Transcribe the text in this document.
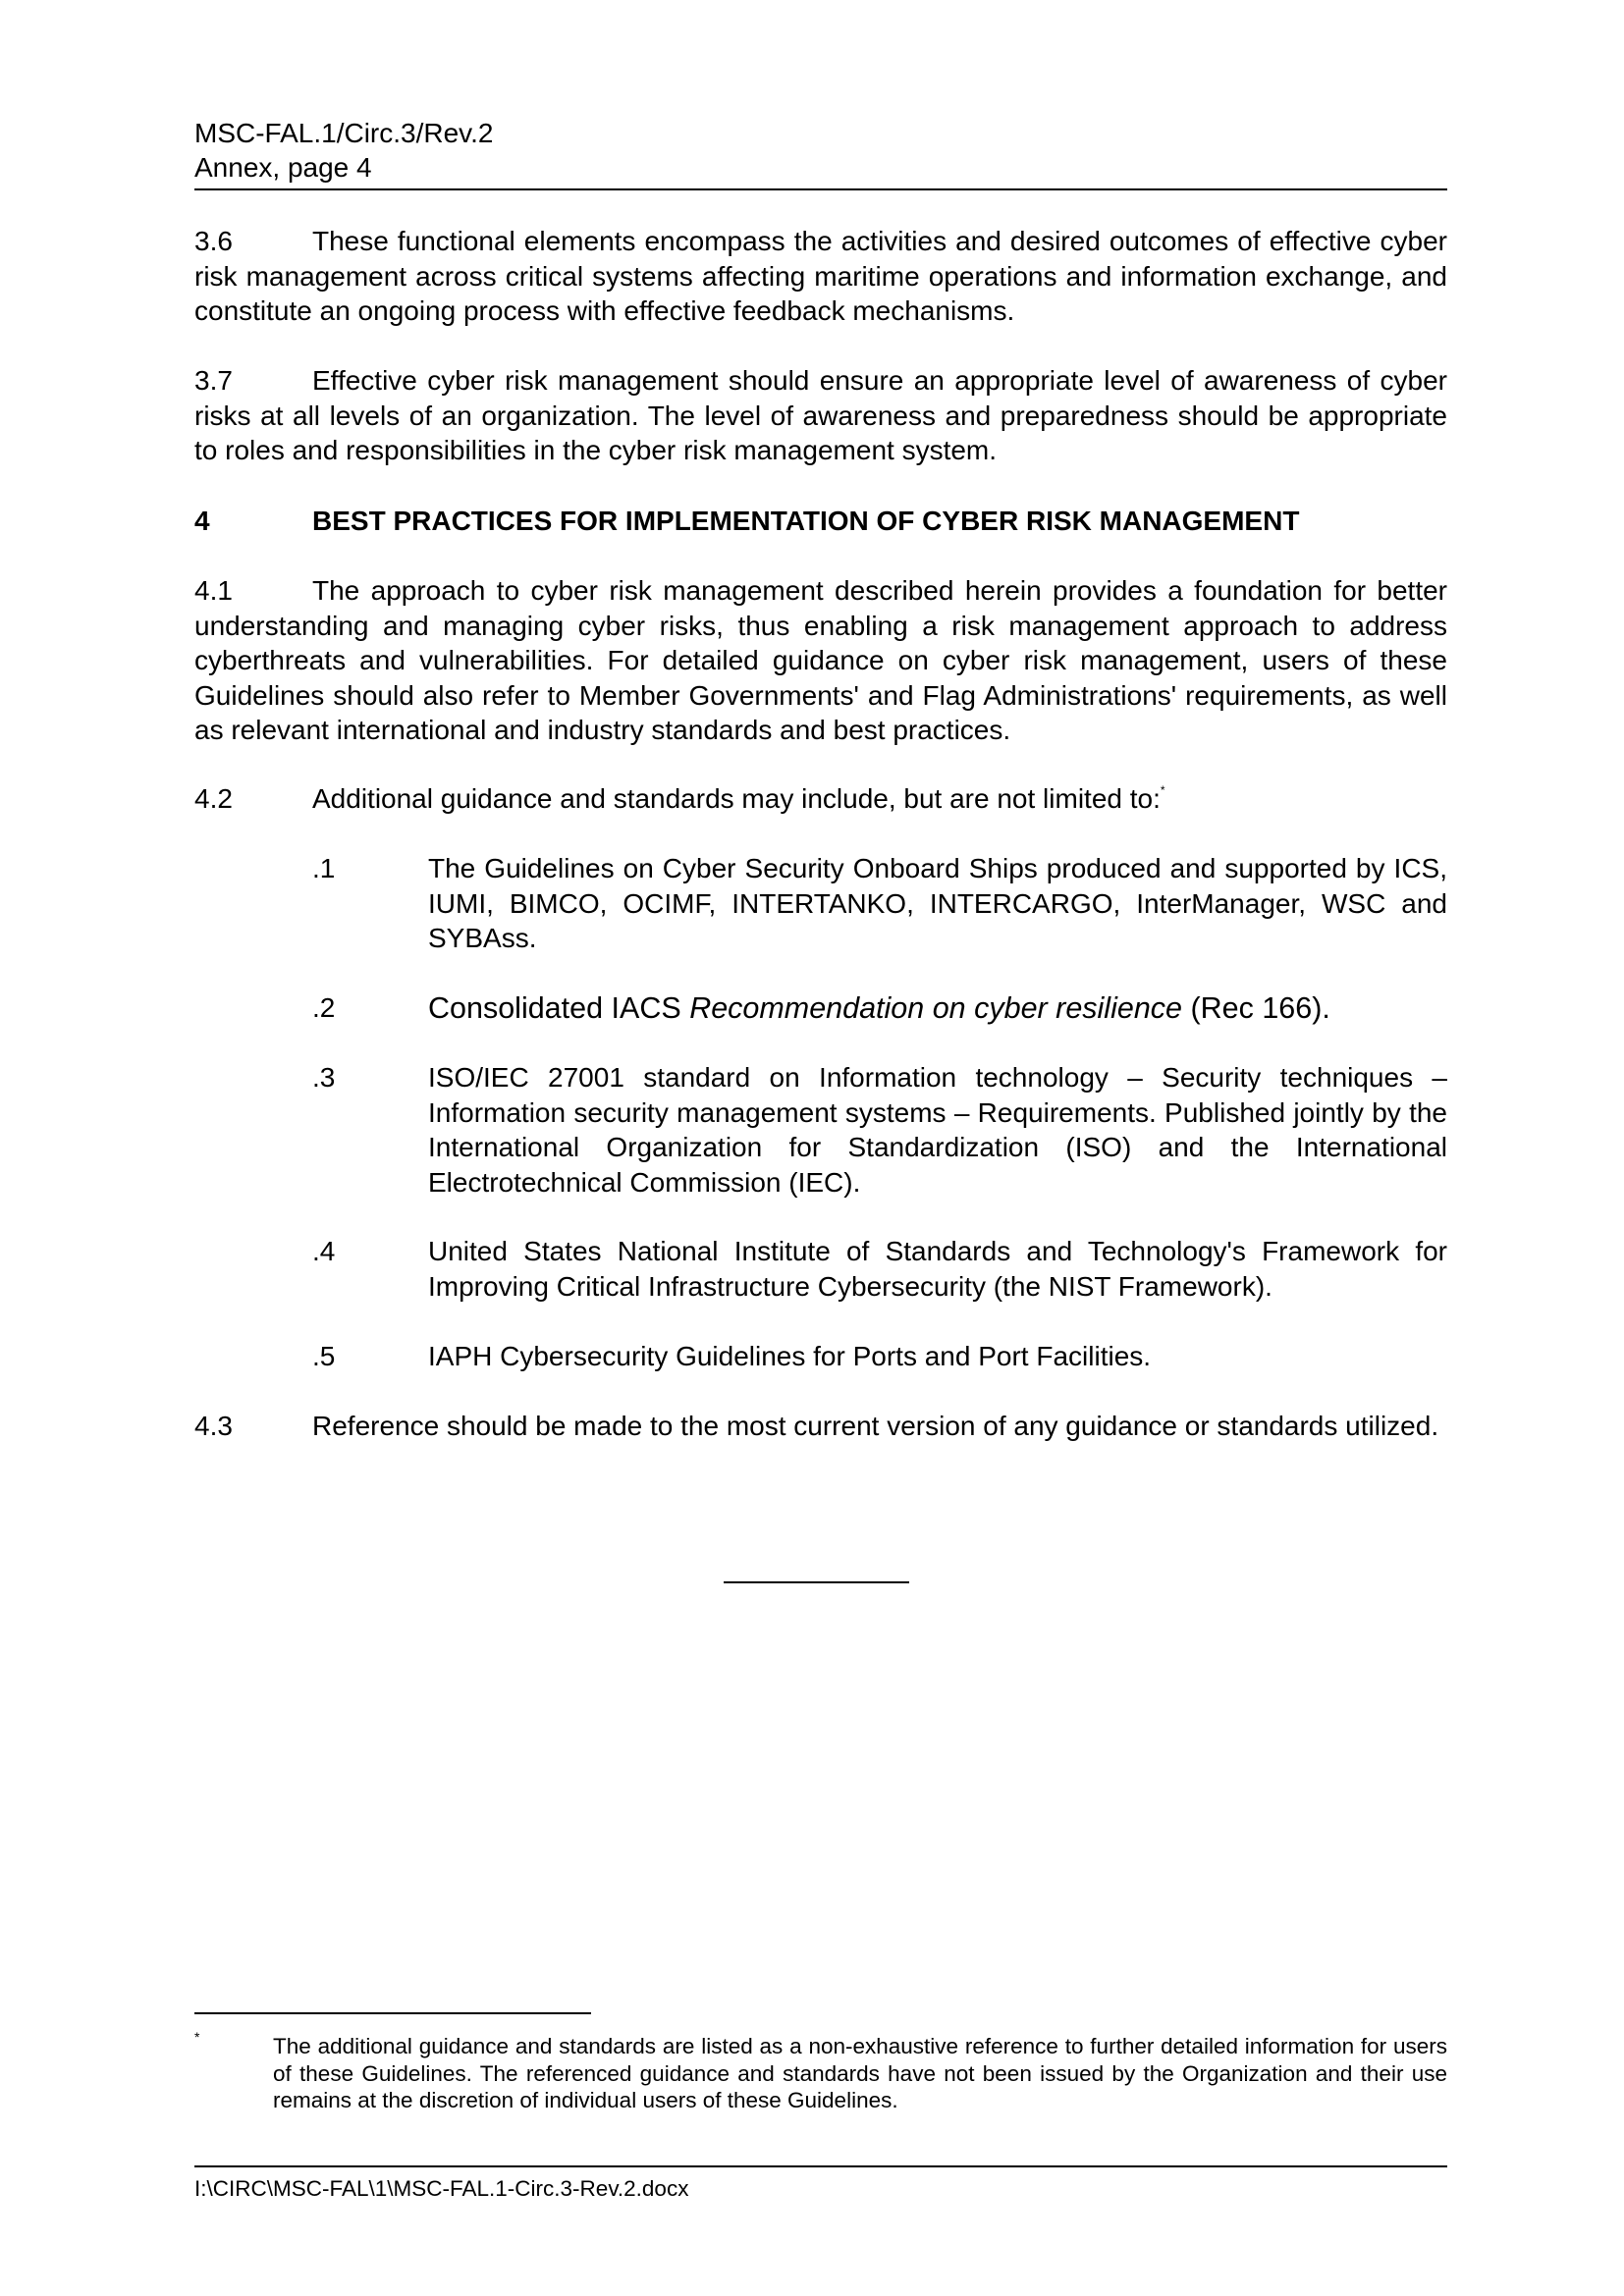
MSC-FAL.1/Circ.3/Rev.2
Annex, page 4
3.6	These functional elements encompass the activities and desired outcomes of effective cyber risk management across critical systems affecting maritime operations and information exchange, and constitute an ongoing process with effective feedback mechanisms.
3.7	Effective cyber risk management should ensure an appropriate level of awareness of cyber risks at all levels of an organization. The level of awareness and preparedness should be appropriate to roles and responsibilities in the cyber risk management system.
4	BEST PRACTICES FOR IMPLEMENTATION OF CYBER RISK MANAGEMENT
4.1	The approach to cyber risk management described herein provides a foundation for better understanding and managing cyber risks, thus enabling a risk management approach to address cyberthreats and vulnerabilities. For detailed guidance on cyber risk management, users of these Guidelines should also refer to Member Governments' and Flag Administrations' requirements, as well as relevant international and industry standards and best practices.
4.2	Additional guidance and standards may include, but are not limited to:*
.1	The Guidelines on Cyber Security Onboard Ships produced and supported by ICS, IUMI, BIMCO, OCIMF, INTERTANKO, INTERCARGO, InterManager, WSC and SYBAss.
.2	Consolidated IACS Recommendation on cyber resilience (Rec 166).
.3	ISO/IEC 27001 standard on Information technology – Security techniques – Information security management systems – Requirements. Published jointly by the International Organization for Standardization (ISO) and the International Electrotechnical Commission (IEC).
.4	United States National Institute of Standards and Technology's Framework for Improving Critical Infrastructure Cybersecurity (the NIST Framework).
.5	IAPH Cybersecurity Guidelines for Ports and Port Facilities.
4.3	Reference should be made to the most current version of any guidance or standards utilized.
*	The additional guidance and standards are listed as a non-exhaustive reference to further detailed information for users of these Guidelines. The referenced guidance and standards have not been issued by the Organization and their use remains at the discretion of individual users of these Guidelines.
I:\CIRC\MSC-FAL\1\MSC-FAL.1-Circ.3-Rev.2.docx
